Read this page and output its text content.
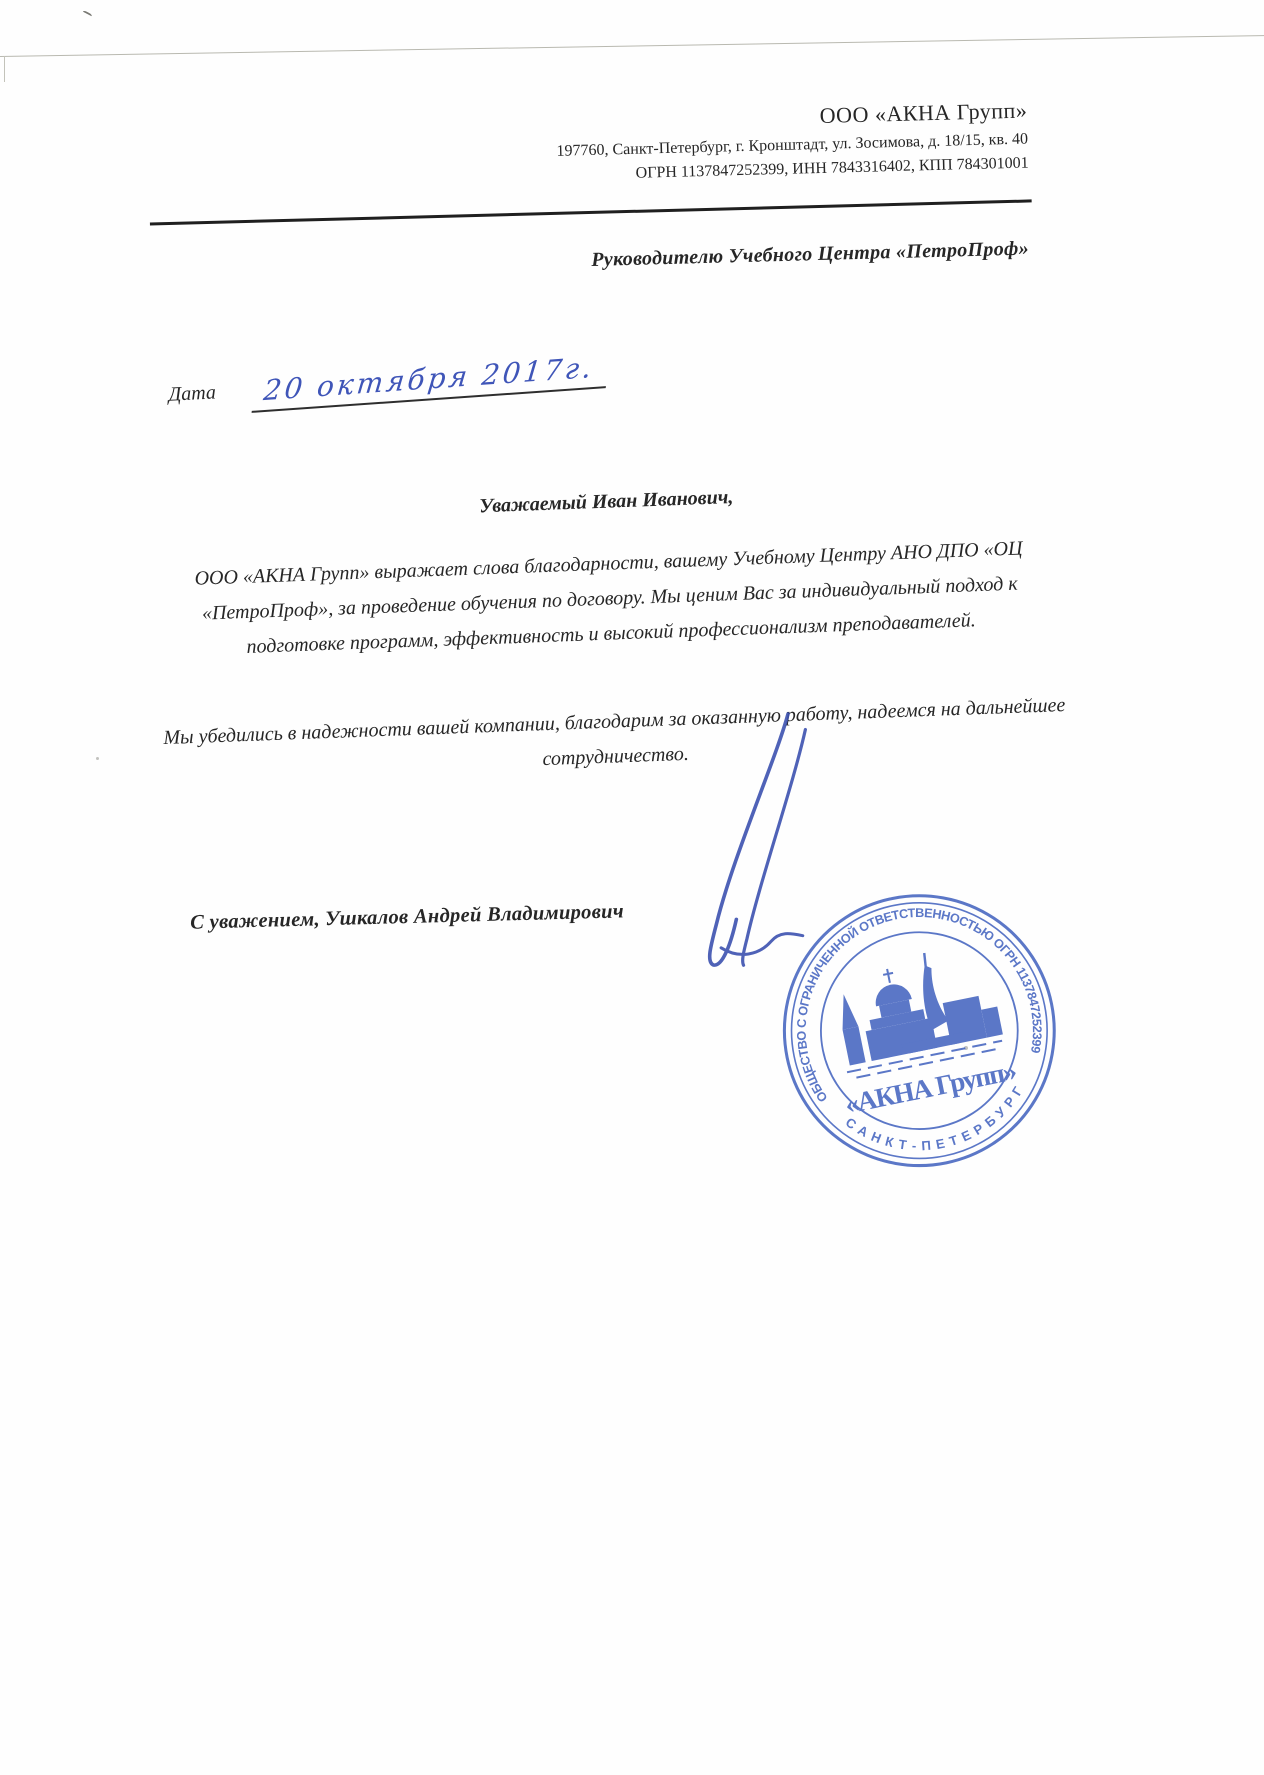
ООО «АКНА Групп»
197760, Санкт-Петербург, г. Кронштадт, ул. Зосимова, д. 18/15, кв. 40
ОГРН 1137847252399, ИНН 7843316402, КПП 784301001
Руководителю Учебного Центра «ПетроПроф»
Дата 20 октября 2017г.
Уважаемый Иван Иванович,
ООО «АКНА Групп» выражает слова благодарности, вашему Учебному Центру АНО ДПО «ОЦ «ПетроПроф», за проведение обучения по договору. Мы ценим Вас за индивидуальный подход к подготовке программ, эффективность и высокий профессионализм преподавателей.
Мы убедились в надежности вашей компании, благодарим за оказанную работу, надеемся на дальнейшее сотрудничество.
С уважением, Ушкалов Андрей Владимирович
ОБЩЕСТВО С ОГРАНИЧЕННОЙ ОТВЕТСТВЕННОСТЬЮ ОГРН 1137847252399
САНКТ-ПЕТЕРБУРГ
«АКНА Групп»
